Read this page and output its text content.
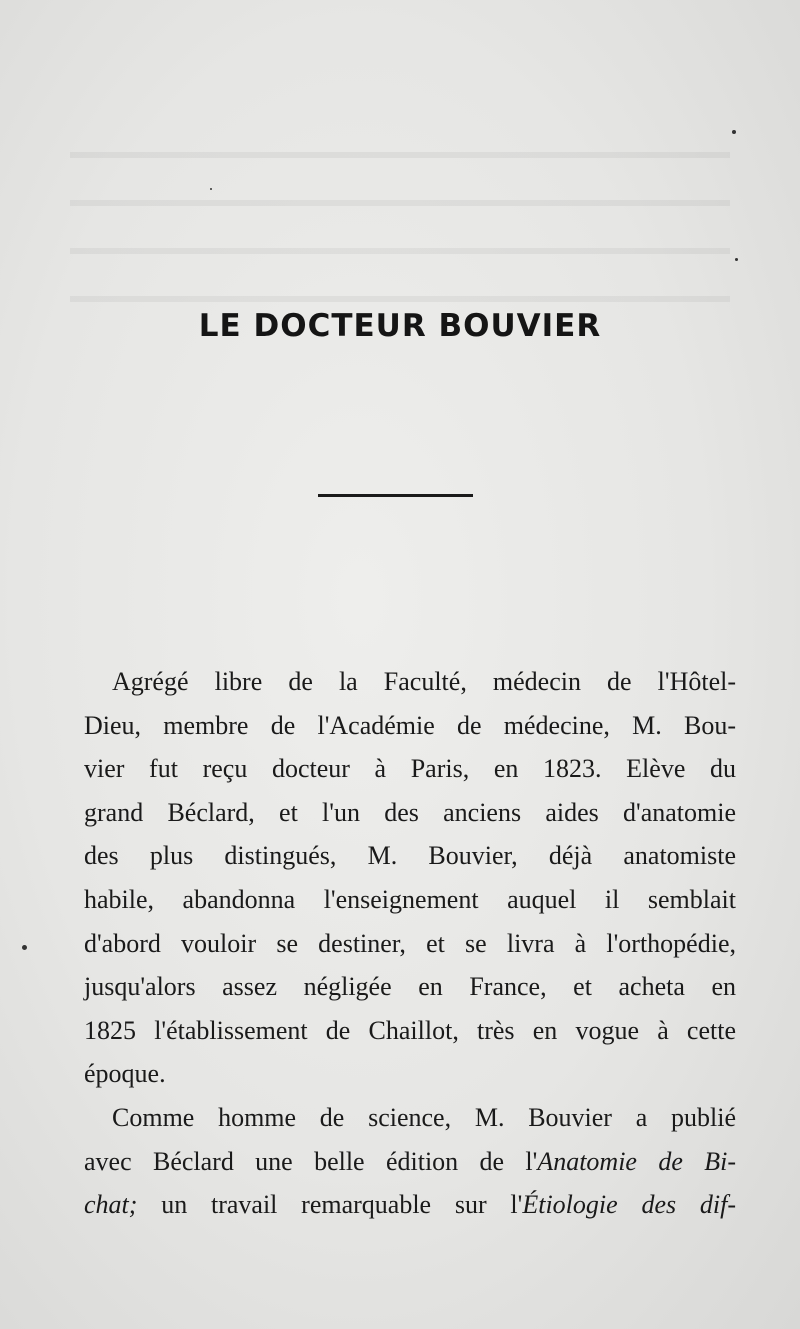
LE DOCTEUR BOUVIER
Agrégé libre de la Faculté, médecin de l'Hôtel-
Dieu, membre de l'Académie de médecine, M. Bou-
vier fut reçu docteur à Paris, en 1823. Elève du
grand Béclard, et l'un des anciens aides d'anatomie
des plus distingués, M. Bouvier, déjà anatomiste
habile, abandonna l'enseignement auquel il semblait
d'abord vouloir se destiner, et se livra à l'orthopédie,
jusqu'alors assez négligée en France, et acheta en
1825 l'établissement de Chaillot, très en vogue à cette
époque.
Comme homme de science, M. Bouvier a publié
avec Béclard une belle édition de l'Anatomie de Bi-
chat; un travail remarquable sur l'Étiologie des dif-
